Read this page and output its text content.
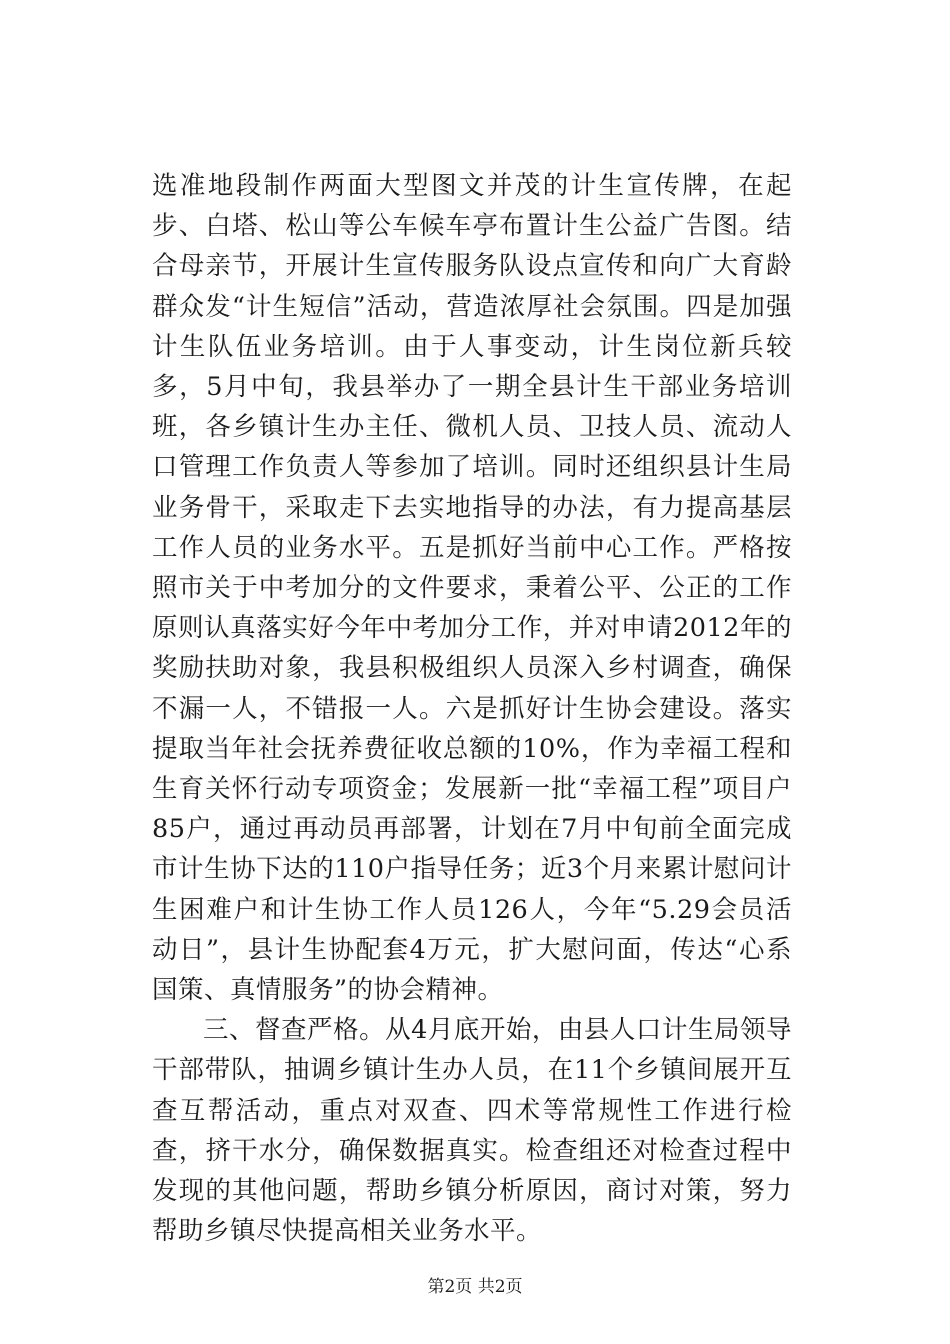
选准地段制作两面大型图文并茂的计生宣传牌，在起步、白塔、松山等公车候车亭布置计生公益广告图。结合母亲节，开展计生宣传服务队设点宣传和向广大育龄群众发“计生短信”活动，营造浓厚社会氛围。四是加强计生队伍业务培训。由于人事变动，计生岗位新兵较多，5月中旬，我县举办了一期全县计生干部业务培训班，各乡镇计生办主任、微机人员、卫技人员、流动人口管理工作负责人等参加了培训。同时还组织县计生局业务骨干，采取走下去实地指导的办法，有力提高基层工作人员的业务水平。五是抓好当前中心工作。严格按照市关于中考加分的文件要求，秉着公平、公正的工作原则认真落实好今年中考加分工作，并对申请2012年的奖励扶助对象，我县积极组织人员深入乡村调查，确保不漏一人，不错报一人。六是抓好计生协会建设。落实提取当年社会抚养费征收总额的10%，作为幸福工程和生育关怀行动专项资金；发展新一批“幸福工程”项目户85户，通过再动员再部署，计划在7月中旬前全面完成市计生协下达的110户指导任务；近3个月来累计慰问计生困难户和计生协工作人员126人，今年“5.29会员活动日”，县计生协配套4万元，扩大慰问面，传达“心系国策、真情服务”的协会精神。

三、督查严格。从4月底开始，由县人口计生局领导干部带队，抽调乡镇计生办人员，在11个乡镇间展开互查互帮活动，重点对双查、四术等常规性工作进行检查，挤干水分，确保数据真实。检查组还对检查过程中发现的其他问题，帮助乡镇分析原因，商讨对策，努力帮助乡镇尽快提高相关业务水平。

第2页 共2页
